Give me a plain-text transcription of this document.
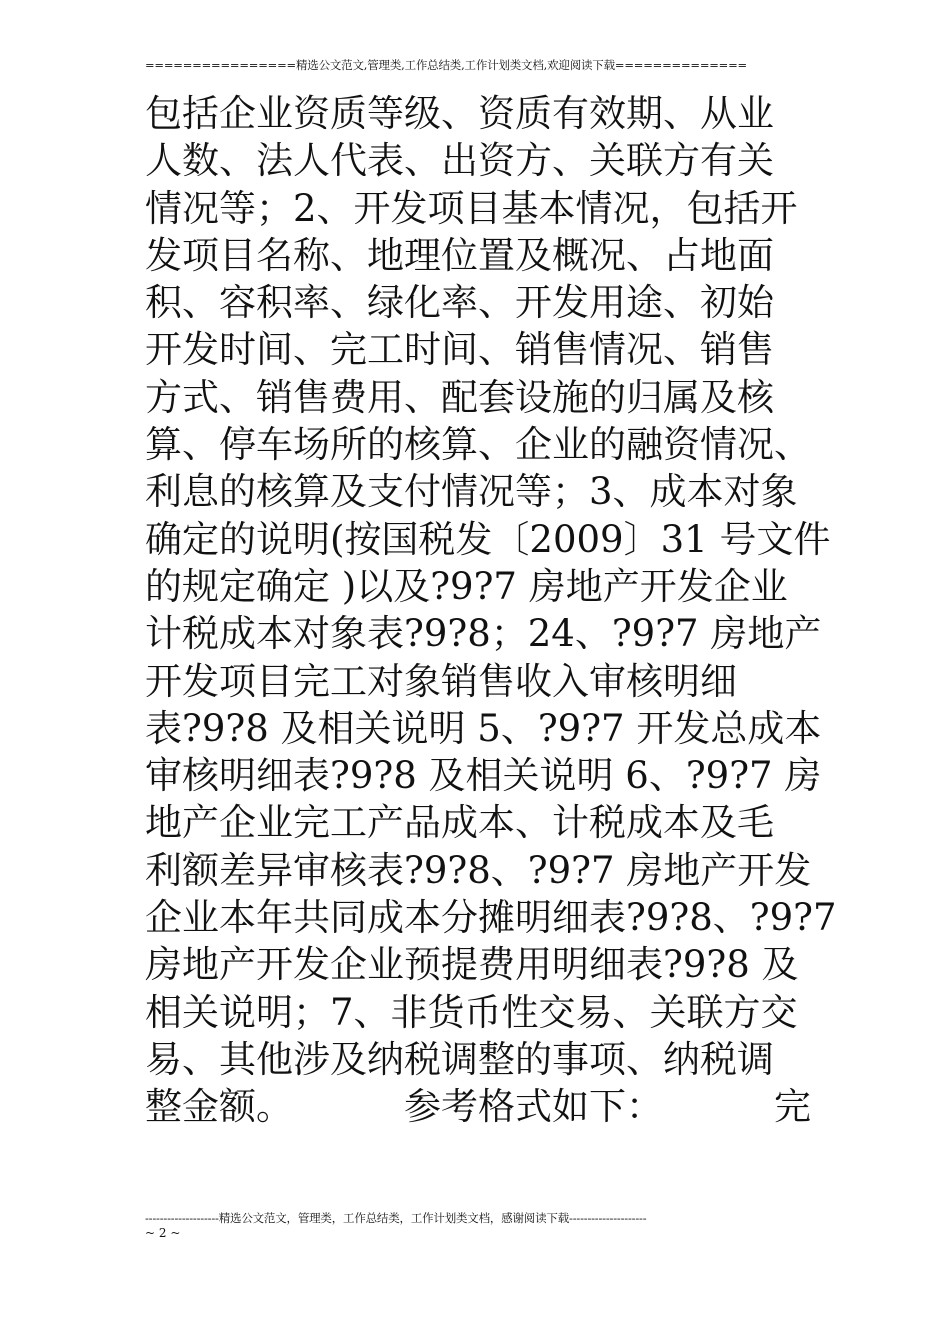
================精选公文范文,管理类,工作总结类,工作计划类文档,欢迎阅读下载==============
包括企业资质等级、资质有效期、从业
人数、法人代表、出资方、关联方有关
情况等；2、开发项目基本情况，包括开
发项目名称、地理位置及概况、占地面
积、容积率、绿化率、开发用途、初始
开发时间、完工时间、销售情况、销售
方式、销售费用、配套设施的归属及核
算、停车场所的核算、企业的融资情况、
利息的核算及支付情况等；3、成本对象
确定的说明(按国税发〔2009〕31 号文件
的规定确定 )以及?9?7 房地产开发企业
计税成本对象表?9?8；24、?9?7 房地产
开发项目完工对象销售收入审核明细
表?9?8 及相关说明 5、?9?7 开发总成本
审核明细表?9?8 及相关说明 6、?9?7 房
地产企业完工产品成本、计税成本及毛
利额差异审核表?9?8、?9?7 房地产开发
企业本年共同成本分摊明细表?9?8、?9?7
房地产开发企业预提费用明细表?9?8 及
相关说明；7、非货币性交易、关联方交
易、其他涉及纳税调整的事项、纳税调
整金额。	参考格式如下：	完
--------------------精选公文范文，管理类，工作总结类，工作计划类文档，感谢阅读下载---------------------
~ 2 ~
